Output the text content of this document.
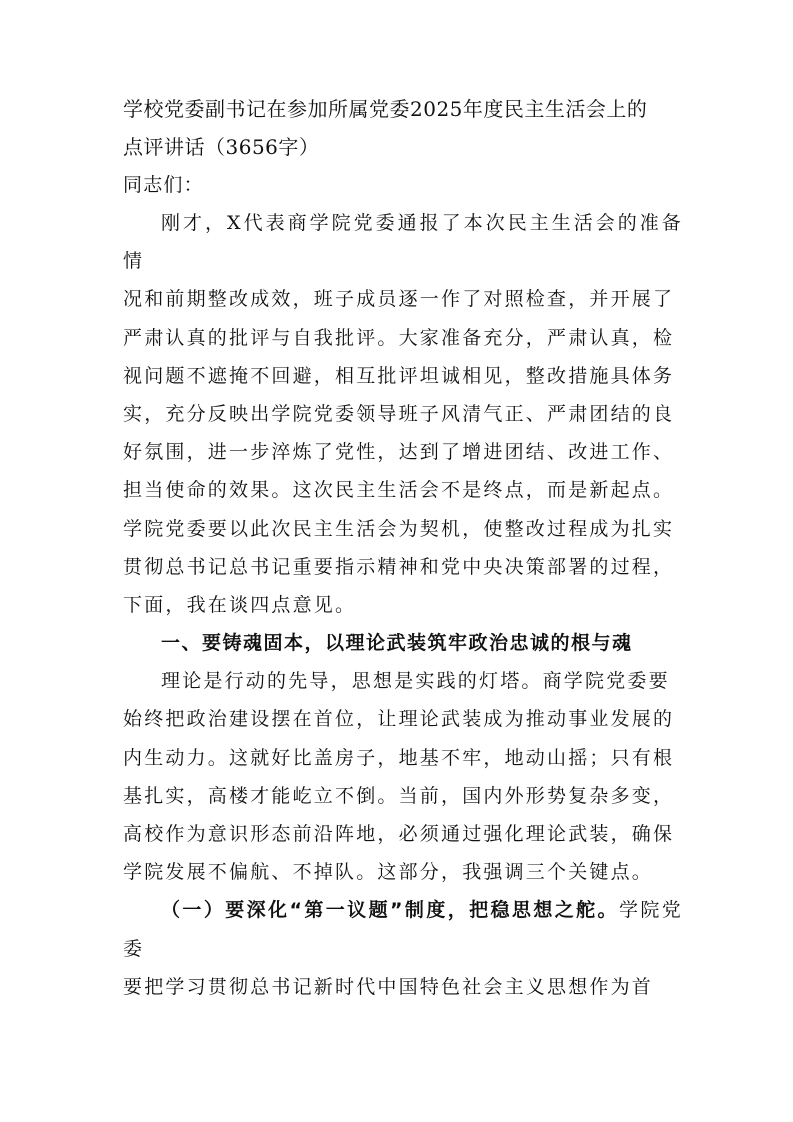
学校党委副书记在参加所属党委2025年度民主生活会上的

点评讲话（3656字）

同志们：

刚才，X代表商学院党委通报了本次民主生活会的准备情

况和前期整改成效，班子成员逐一作了对照检查，并开展了

严肃认真的批评与自我批评。大家准备充分，严肃认真，检

视问题不遮掩不回避，相互批评坦诚相见，整改措施具体务

实，充分反映出学院党委领导班子风清气正、严肃团结的良

好氛围，进一步淬炼了党性，达到了增进团结、改进工作、

担当使命的效果。这次民主生活会不是终点，而是新起点。

学院党委要以此次民主生活会为契机，使整改过程成为扎实

贯彻总书记总书记重要指示精神和党中央决策部署的过程，

下面，我在谈四点意见。

一、要铸魂固本，以理论武装筑牢政治忠诚的根与魂

理论是行动的先导，思想是实践的灯塔。商学院党委要

始终把政治建设摆在首位，让理论武装成为推动事业发展的

内生动力。这就好比盖房子，地基不牢，地动山摇；只有根

基扎实，高楼才能屹立不倒。当前，国内外形势复杂多变，

高校作为意识形态前沿阵地，必须通过强化理论武装，确保

学院发展不偏航、不掉队。这部分，我强调三个关键点。

（一）要深化“第一议题”制度，把稳思想之舵。学院党委

要把学习贯彻总书记新时代中国特色社会主义思想作为首
